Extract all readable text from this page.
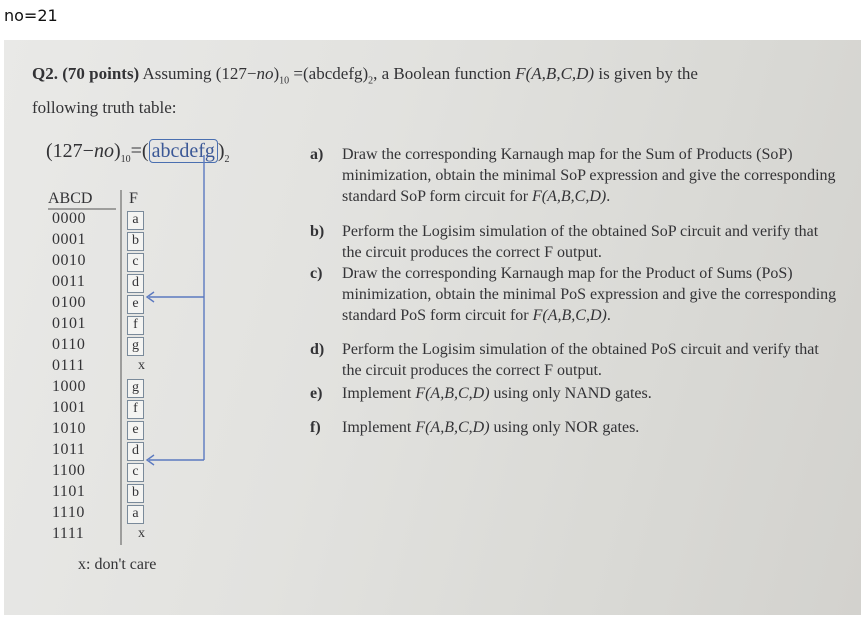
no=21
Q2. (70 points) Assuming $(127-no)_{10}$ $=(abcdefg)_2$, a Boolean function F(A,B,C,D) is given by the
following truth table:
$(127-no)_{10}=$( abcdefg )$_2$
ABCD F
0000	a
0001	b
0010	c
0011	d
0100	e
0101	f
0110	g
0111	x
1000	g
1001	f
1010	e
1011	d
1100	c
1101	b
1110	a
1111	x
x: don't care
a) Draw the corresponding Karnaugh map for the Sum of Products (SoP) minimization, obtain the minimal SoP expression and give the corresponding standard SoP form circuit for F(A,B,C,D).
b) Perform the Logisim simulation of the obtained SoP circuit and verify that the circuit produces the correct F output.
c) Draw the corresponding Karnaugh map for the Product of Sums (PoS) minimization, obtain the minimal PoS expression and give the corresponding standard PoS form circuit for F(A,B,C,D).
d) Perform the Logisim simulation of the obtained PoS circuit and verify that the circuit produces the correct F output.
e) Implement F(A,B,C,D) using only NAND gates.
f) Implement F(A,B,C,D) using only NOR gates.
